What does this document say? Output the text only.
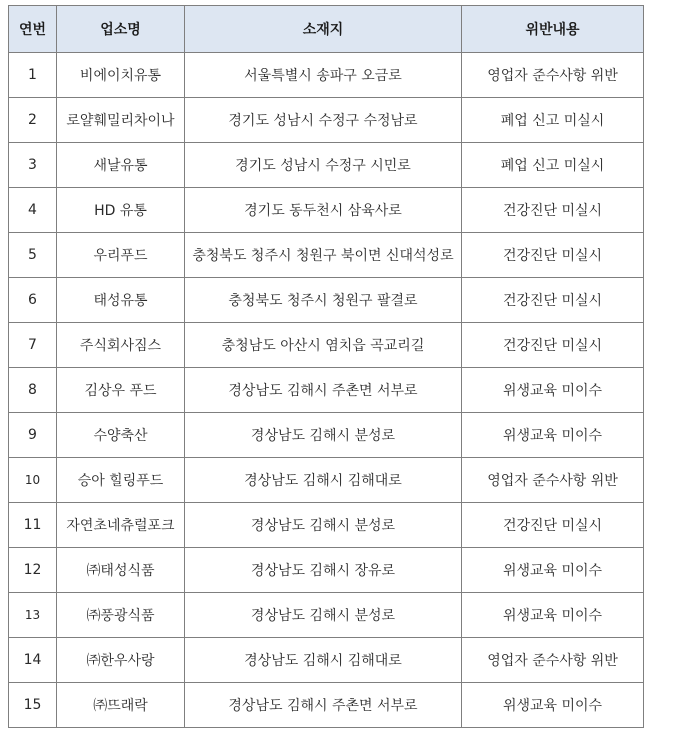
연번	업소명	소재지	위반내용
1	비에이치유통	서울특별시 송파구 오금로	영업자 준수사항 위반
2	로얄훼밀리차이나	경기도 성남시 수정구 수정남로	폐업 신고 미실시
3	새날유통	경기도 성남시 수정구 시민로	폐업 신고 미실시
4	HD 유통	경기도 동두천시 삼육사로	건강진단 미실시
5	우리푸드	충청북도 청주시 청원구 북이면 신대석성로	건강진단 미실시
6	태성유통	충청북도 청주시 청원구 팔결로	건강진단 미실시
7	주식회사짐스	충청남도 아산시 염치읍 곡교리길	건강진단 미실시
8	김상우 푸드	경상남도 김해시 주촌면 서부로	위생교육 미이수
9	수양축산	경상남도 김해시 분성로	위생교육 미이수
10	승아 힐링푸드	경상남도 김해시 김해대로	영업자 준수사항 위반
11	자연초네츄럴포크	경상남도 김해시 분성로	건강진단 미실시
12	㈜태성식품	경상남도 김해시 장유로	위생교육 미이수
13	㈜풍광식품	경상남도 김해시 분성로	위생교육 미이수
14	㈜한우사랑	경상남도 김해시 김해대로	영업자 준수사항 위반
15	㈜뜨래락	경상남도 김해시 주촌면 서부로	위생교육 미이수
